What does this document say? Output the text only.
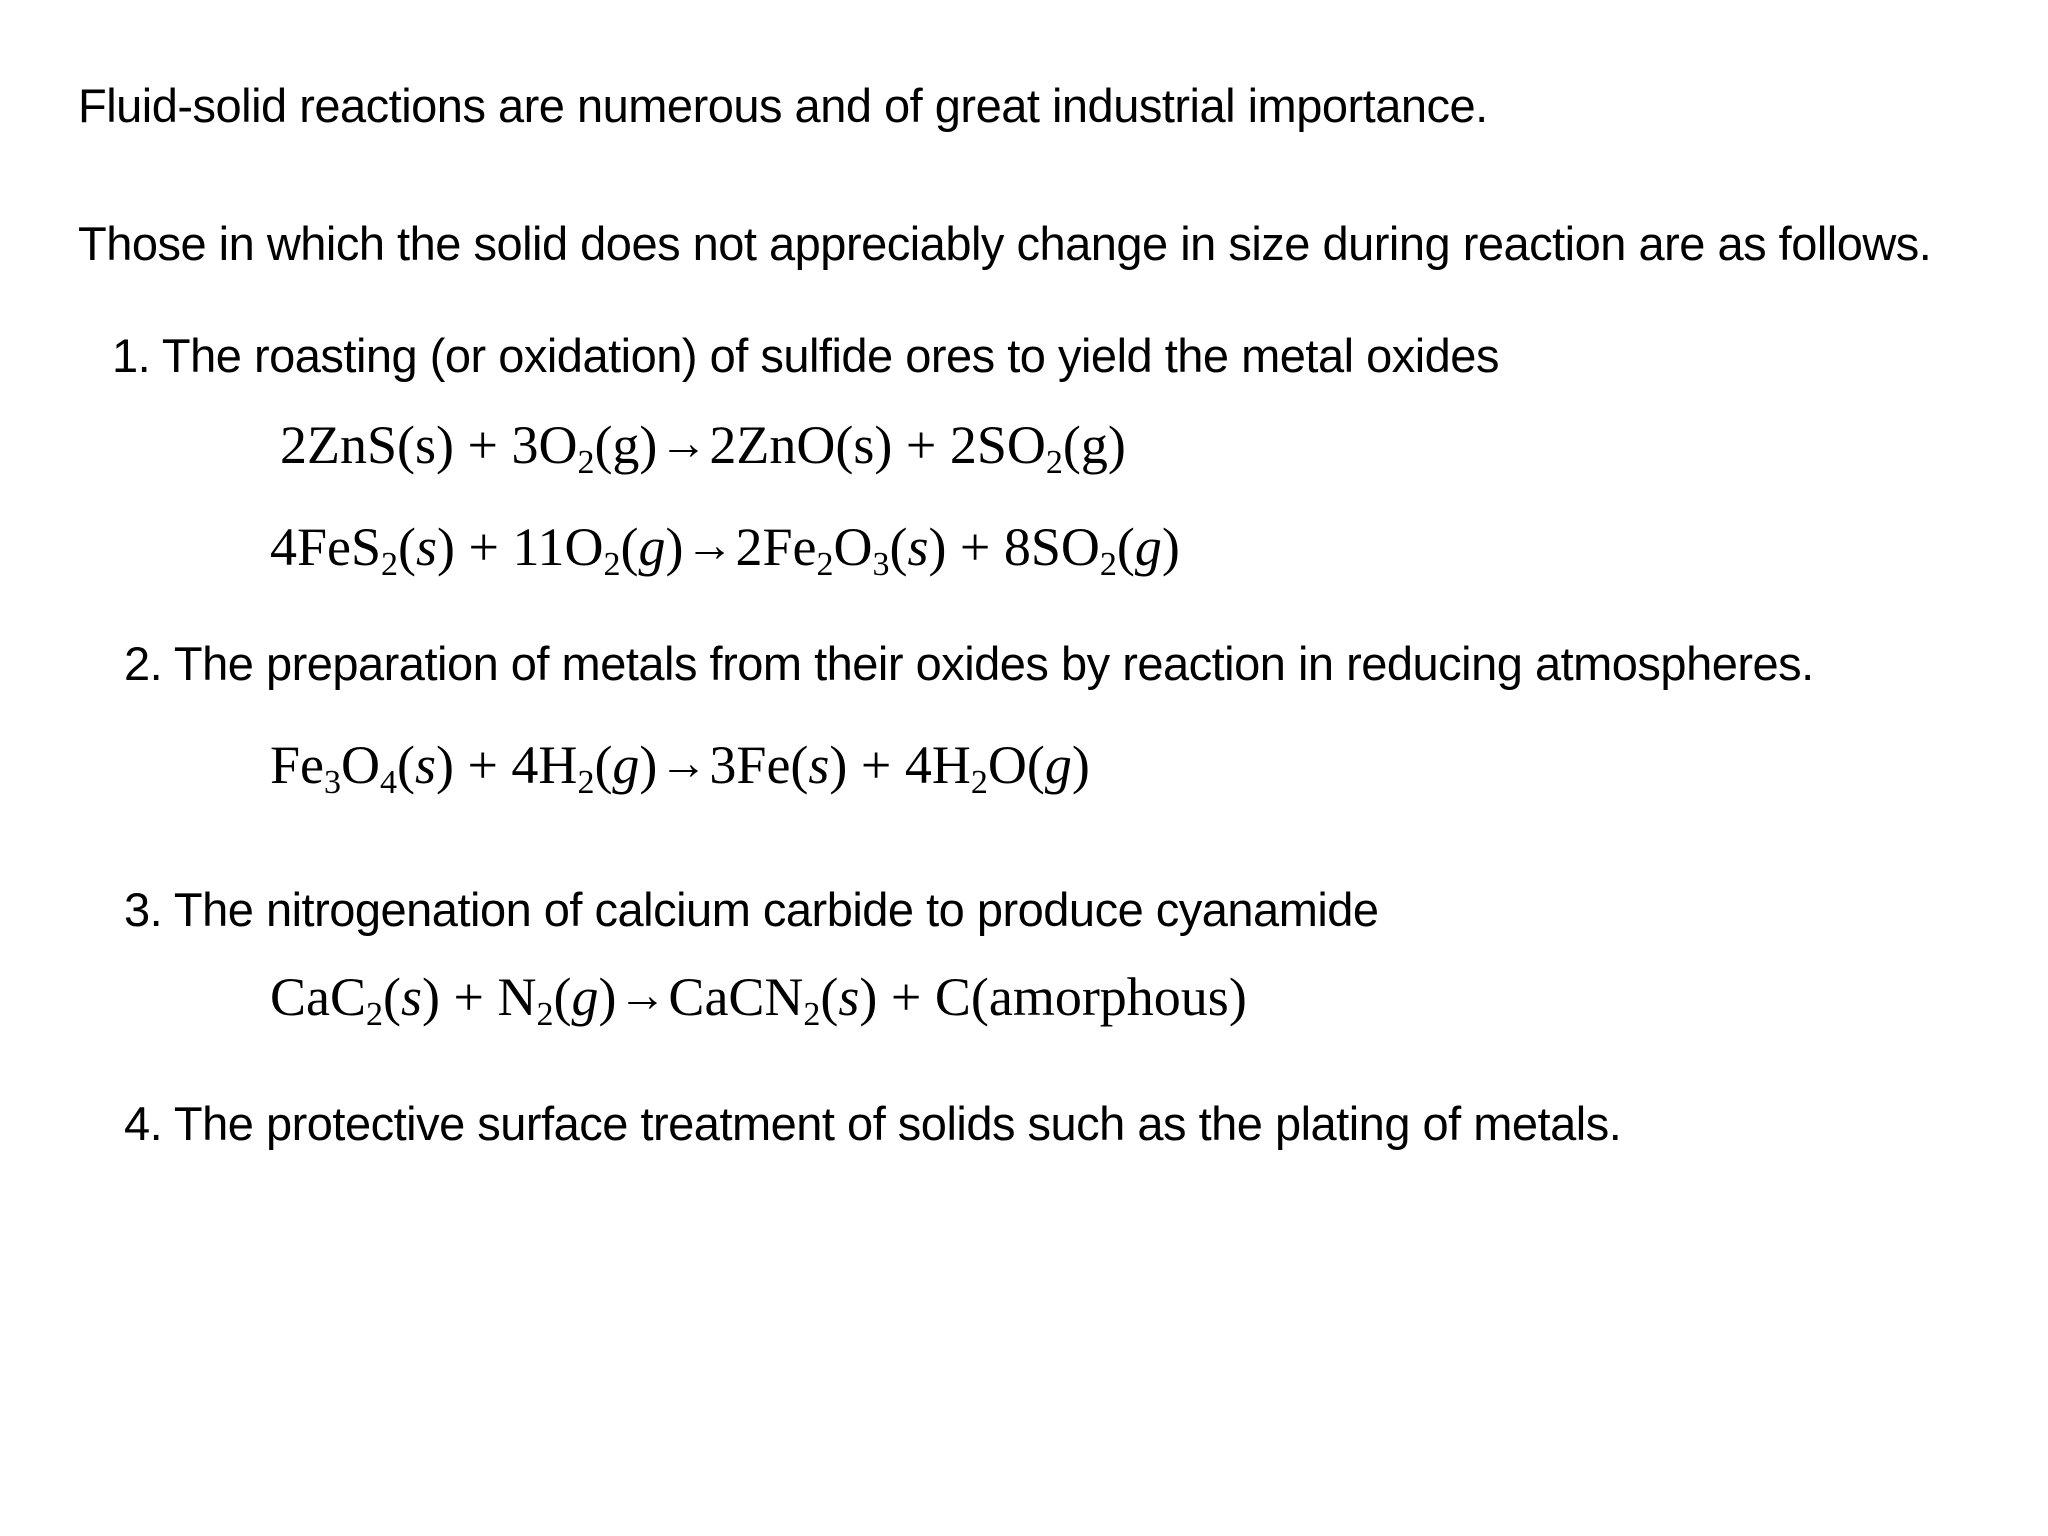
Fluid-solid reactions are numerous and of great industrial importance.
Those in which the solid does not appreciably change in size during reaction are as follows.
1. The roasting (or oxidation) of sulfide ores to yield the metal oxides
$2ZnS(s) + 3O_2(g)\to 2ZnO(s) + 2SO_2(g)$
$4FeS_2(s) + 11O_2(g)\to 2Fe_2O_3(s) + 8SO_2(g)$
2. The preparation of metals from their oxides by reaction in reducing atmospheres.
$Fe_3O_4(s) + 4H_2(g)\to 3Fe(s) + 4H_2O(g)$
3. The nitrogenation of calcium carbide to produce cyanamide
$CaC_2(s) + N_2(g)\to CaCN_2(s)$ + C(amorphous)
4. The protective surface treatment of solids such as the plating of metals.
